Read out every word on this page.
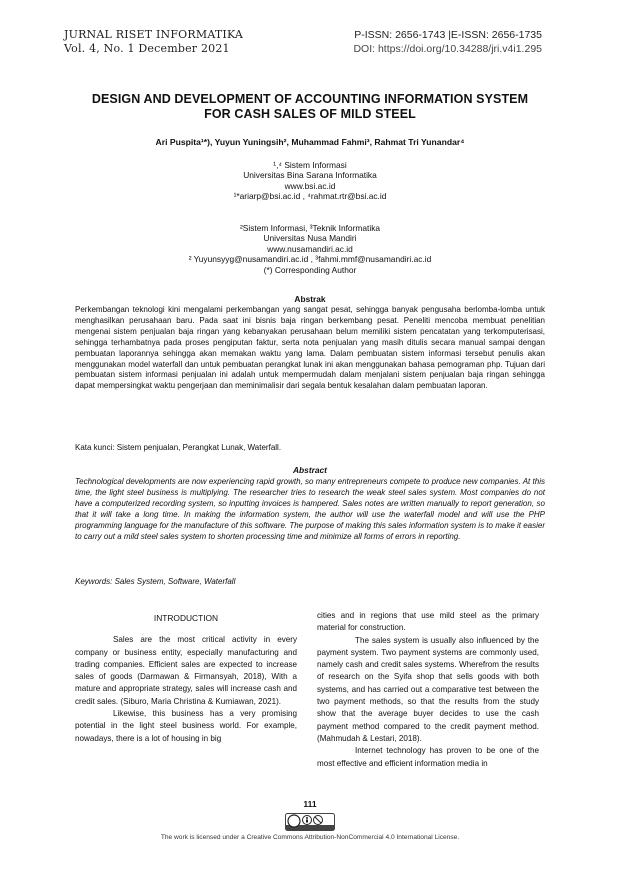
JURNAL RISET INFORMATIKA
Vol. 4, No. 1 December 2021
P-ISSN: 2656-1743 |E-ISSN: 2656-1735
DOI: https://doi.org/10.34288/jri.v4i1.295
DESIGN AND DEVELOPMENT OF ACCOUNTING INFORMATION SYSTEM
FOR CASH SALES OF MILD STEEL
Ari Puspita¹*), Yuyun Yuningsih², Muhammad Fahmi³, Rahmat Tri Yunandar⁴
¹,⁴ Sistem Informasi
Universitas Bina Sarana Informatika
www.bsi.ac.id
¹*ariarp@bsi.ac.id , ⁴rahmat.rtr@bsi.ac.id
²Sistem Informasi, ³Teknik Informatika
Universitas Nusa Mandiri
www.nusamandiri.ac.id
² Yuyunsyyg@nusamandiri.ac.id , ³fahmi.mmf@nusamandiri.ac.id
(*) Corresponding Author
Abstrak

Perkembangan teknologi kini mengalami perkembangan yang sangat pesat, sehingga banyak pengusaha berlomba-lomba untuk menghasilkan perusahaan baru. Pada saat ini bisnis baja ringan berkembang pesat. Peneliti mencoba membuat penelitian mengenai sistem penjualan baja ringan yang kebanyakan perusahaan belum memiliki sistem pencatatan yang terkomputerisasi, sehingga terhambatnya pada proses pengiputan faktur, serta nota penjualan yang masih ditulis secara manual sampai dengan pembuatan laporannya sehingga akan memakan waktu yang lama. Dalam pembuatan sistem informasi tersebut penulis akan menggunakan model waterfall dan untuk pembuatan perangkat lunak ini akan menggunakan bahasa pemograman php. Tujuan dari pembuatan sistem informasi penjualan ini adalah untuk mempermudah dalam menjalani sistem penjualan baja ringan sehingga dapat mempersingkat waktu pengerjaan dan meminimalisir dari segala bentuk kesalahan dalam pembuatan laporan.

Kata kunci: Sistem penjualan, Perangkat Lunak, Waterfall.

Abstract

Technological developments are now experiencing rapid growth, so many entrepreneurs compete to produce new companies. At this time, the light steel business is multiplying. The researcher tries to research the weak steel sales system. Most companies do not have a computerized recording system, so inputting invoices is hampered. Sales notes are written manually to report generation, so that it will take a long time. In making the information system, the author will use the waterfall model and will use the PHP programming language for the manufacture of this software. The purpose of making this sales information system is to make it easier to carry out a mild steel sales system to shorten processing time and minimize all forms of errors in reporting.

Keywords: Sales System, Software, Waterfall

INTRODUCTION

Sales are the most critical activity in every company or business entity, especially manufacturing and trading companies. Efficient sales are expected to increase sales of goods (Darmawan & Firmansyah, 2018), With a mature and appropriate strategy, sales will increase cash and credit sales. (Siburo, Maria Christina & Kurniawan, 2021).

Likewise, this business has a very promising potential in the light steel business world. For example, nowadays, there is a lot of housing in big

cities and in regions that use mild steel as the primary material for construction.

The sales system is usually also influenced by the payment system. Two payment systems are commonly used, namely cash and credit sales systems. Wherefrom the results of research on the Syifa shop that sells goods with both systems, and has carried out a comparative test between the two payment methods, so that the results from the study show that the average buyer decides to use the cash payment method compared to the credit payment method. (Mahmudah & Lestari, 2018).

Internet technology has proven to be one of the most effective and efficient information media in

111
The work is licensed under a Creative Commons Attribution-NonCommercial 4.0 International License.
